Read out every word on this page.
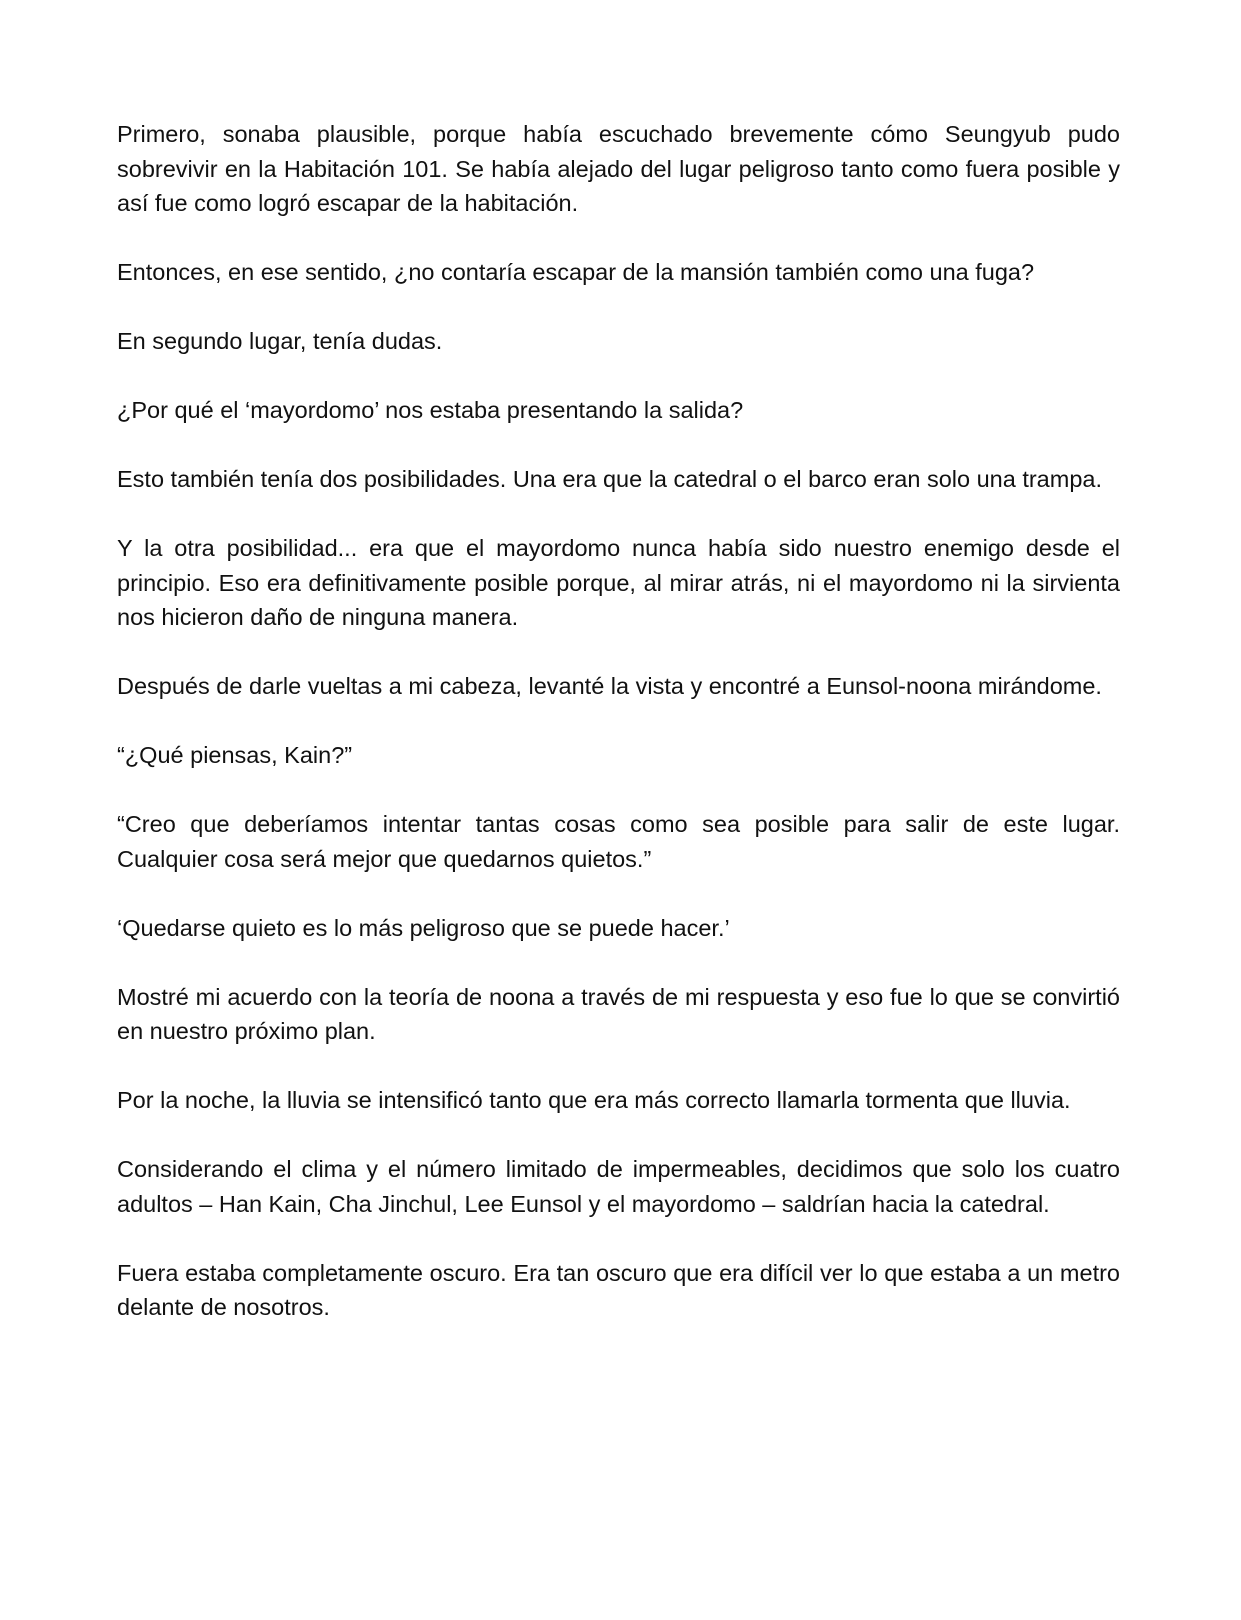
Primero, sonaba plausible, porque había escuchado brevemente cómo Seungyub pudo sobrevivir en la Habitación 101. Se había alejado del lugar peligroso tanto como fuera posible y así fue como logró escapar de la habitación.

Entonces, en ese sentido, ¿no contaría escapar de la mansión también como una fuga?

En segundo lugar, tenía dudas.

¿Por qué el ‘mayordomo’ nos estaba presentando la salida?

Esto también tenía dos posibilidades. Una era que la catedral o el barco eran solo una trampa.

Y la otra posibilidad... era que el mayordomo nunca había sido nuestro enemigo desde el principio. Eso era definitivamente posible porque, al mirar atrás, ni el mayordomo ni la sirvienta nos hicieron daño de ninguna manera.

Después de darle vueltas a mi cabeza, levanté la vista y encontré a Eunsol-noona mirándome.

“¿Qué piensas, Kain?”

“Creo que deberíamos intentar tantas cosas como sea posible para salir de este lugar. Cualquier cosa será mejor que quedarnos quietos.”

‘Quedarse quieto es lo más peligroso que se puede hacer.’

Mostré mi acuerdo con la teoría de noona a través de mi respuesta y eso fue lo que se convirtió en nuestro próximo plan.

Por la noche, la lluvia se intensificó tanto que era más correcto llamarla tormenta que lluvia.

Considerando el clima y el número limitado de impermeables, decidimos que solo los cuatro adultos – Han Kain, Cha Jinchul, Lee Eunsol y el mayordomo – saldrían hacia la catedral.

Fuera estaba completamente oscuro. Era tan oscuro que era difícil ver lo que estaba a un metro delante de nosotros.
